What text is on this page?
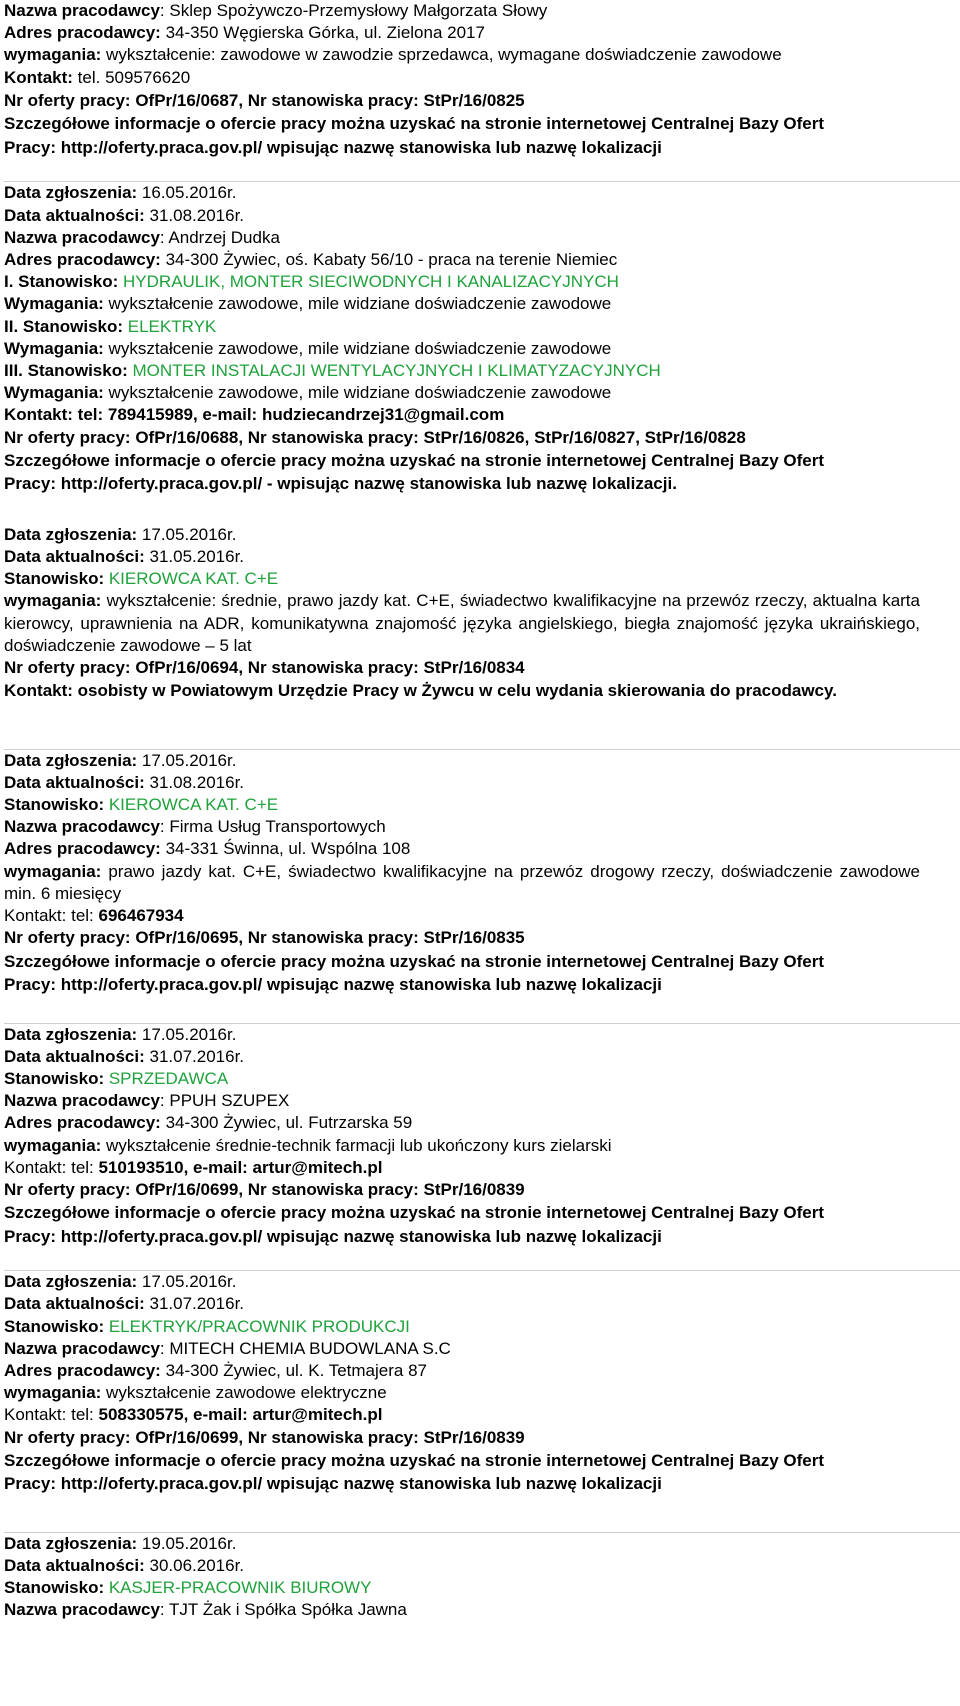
Nazwa pracodawcy: Sklep Spożywczo-Przemysłowy Małgorzata Słowy

Adres pracodawcy: 34-350 Węgierska Górka, ul. Zielona 2017

wymagania: wykształcenie: zawodowe w zawodzie sprzedawca, wymagane doświadczenie zawodowe

Kontakt: tel. 509576620

Nr oferty pracy: OfPr/16/0687, Nr stanowiska pracy: StPr/16/0825

Szczegółowe informacje o ofercie pracy można uzyskać na stronie internetowej Centralnej Bazy Ofert

Pracy: http://oferty.praca.gov.pl/ wpisując nazwę stanowiska lub nazwę lokalizacji

Data zgłoszenia: 16.05.2016r.

Data aktualności: 31.08.2016r.

Nazwa pracodawcy: Andrzej Dudka

Adres pracodawcy: 34-300 Żywiec, oś. Kabaty 56/10 - praca na terenie Niemiec

I. Stanowisko: HYDRAULIK, MONTER SIECIWODNYCH I KANALIZACYJNYCH

Wymagania: wykształcenie zawodowe, mile widziane doświadczenie zawodowe

II. Stanowisko: ELEKTRYK

Wymagania: wykształcenie zawodowe, mile widziane doświadczenie zawodowe

III. Stanowisko: MONTER INSTALACJI WENTYLACYJNYCH I KLIMATYZACYJNYCH

Wymagania: wykształcenie zawodowe, mile widziane doświadczenie zawodowe

Kontakt: tel: 789415989, e-mail: hudziecandrzej31@gmail.com

Nr oferty pracy: OfPr/16/0688, Nr stanowiska pracy: StPr/16/0826, StPr/16/0827, StPr/16/0828

Szczegółowe informacje o ofercie pracy można uzyskać na stronie internetowej Centralnej Bazy Ofert

Pracy: http://oferty.praca.gov.pl/ - wpisując nazwę stanowiska lub nazwę lokalizacji.

Data zgłoszenia: 17.05.2016r.

Data aktualności: 31.05.2016r.

Stanowisko: KIEROWCA KAT. C+E

wymagania: wykształcenie: średnie, prawo jazdy kat. C+E, świadectwo kwalifikacyjne na przewóz rzeczy, aktualna karta kierowcy, uprawnienia na ADR, komunikatywna znajomość języka angielskiego, biegła znajomość języka ukraińskiego, doświadczenie zawodowe – 5 lat

Nr oferty pracy: OfPr/16/0694, Nr stanowiska pracy: StPr/16/0834

Kontakt: osobisty w Powiatowym Urzędzie Pracy w Żywcu w celu wydania skierowania do pracodawcy.

Data zgłoszenia: 17.05.2016r.

Data aktualności: 31.08.2016r.

Stanowisko: KIEROWCA KAT. C+E

Nazwa pracodawcy: Firma Usług Transportowych

Adres pracodawcy: 34-331 Świnna, ul. Wspólna 108

wymagania: prawo jazdy kat. C+E, świadectwo kwalifikacyjne na przewóz drogowy rzeczy, doświadczenie zawodowe min. 6 miesięcy

Kontakt: tel: 696467934

Nr oferty pracy: OfPr/16/0695, Nr stanowiska pracy: StPr/16/0835

Szczegółowe informacje o ofercie pracy można uzyskać na stronie internetowej Centralnej Bazy Ofert

Pracy: http://oferty.praca.gov.pl/ wpisując nazwę stanowiska lub nazwę lokalizacji

Data zgłoszenia: 17.05.2016r.

Data aktualności: 31.07.2016r.

Stanowisko: SPRZEDAWCA

Nazwa pracodawcy: PPUH SZUPEX

Adres pracodawcy: 34-300 Żywiec, ul. Futrzarska 59

wymagania: wykształcenie średnie-technik farmacji lub ukończony kurs zielarski

Kontakt: tel: 510193510, e-mail: artur@mitech.pl

Nr oferty pracy: OfPr/16/0699, Nr stanowiska pracy: StPr/16/0839

Szczegółowe informacje o ofercie pracy można uzyskać na stronie internetowej Centralnej Bazy Ofert

Pracy: http://oferty.praca.gov.pl/ wpisując nazwę stanowiska lub nazwę lokalizacji

Data zgłoszenia: 17.05.2016r.

Data aktualności: 31.07.2016r.

Stanowisko: ELEKTRYK/PRACOWNIK PRODUKCJI

Nazwa pracodawcy: MITECH CHEMIA BUDOWLANA S.C

Adres pracodawcy: 34-300 Żywiec, ul. K. Tetmajera 87

wymagania: wykształcenie zawodowe elektryczne

Kontakt: tel: 508330575, e-mail: artur@mitech.pl

Nr oferty pracy: OfPr/16/0699, Nr stanowiska pracy: StPr/16/0839

Szczegółowe informacje o ofercie pracy można uzyskać na stronie internetowej Centralnej Bazy Ofert

Pracy: http://oferty.praca.gov.pl/ wpisując nazwę stanowiska lub nazwę lokalizacji

Data zgłoszenia: 19.05.2016r.

Data aktualności: 30.06.2016r.

Stanowisko: KASJER-PRACOWNIK BIUROWY

Nazwa pracodawcy: TJT Żak i Spółka Spółka Jawna
